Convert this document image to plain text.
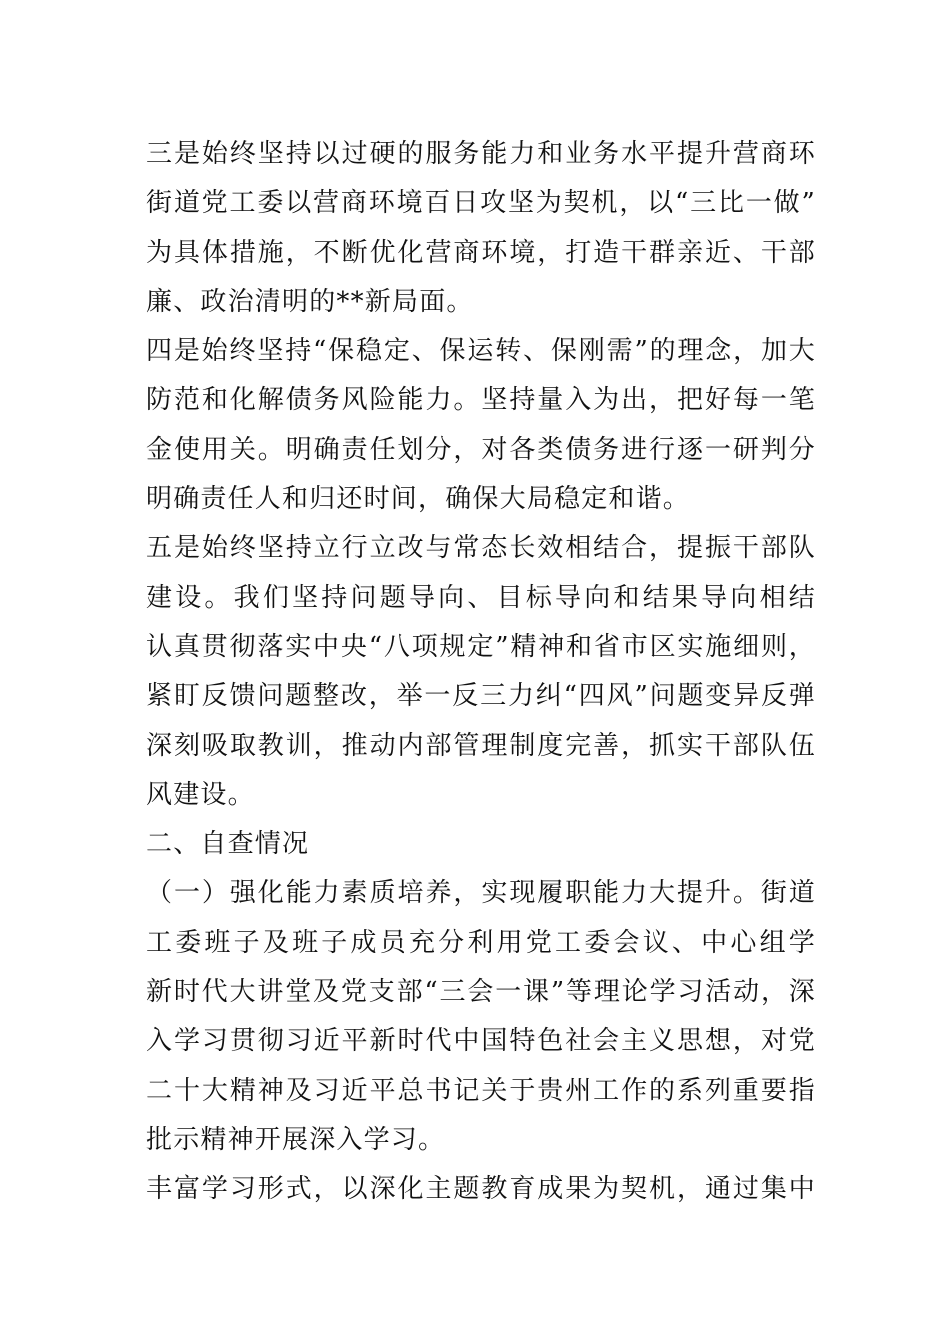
三是始终坚持以过硬的服务能力和业务水平提升营商环
街道党工委以营商环境百日攻坚为契机，以“三比一做”
为具体措施，不断优化营商环境，打造干群亲近、干部
廉、政治清明的**新局面。
四是始终坚持“保稳定、保运转、保刚需”的理念，加大
防范和化解债务风险能力。坚持量入为出，把好每一笔
金使用关。明确责任划分，对各类债务进行逐一研判分
明确责任人和归还时间，确保大局稳定和谐。
五是始终坚持立行立改与常态长效相结合，提振干部队
建设。我们坚持问题导向、目标导向和结果导向相结
认真贯彻落实中央“八项规定”精神和省市区实施细则，
紧盯反馈问题整改，举一反三力纠“四风”问题变异反弹
深刻吸取教训，推动内部管理制度完善，抓实干部队伍
风建设。
二、自查情况
（一）强化能力素质培养，实现履职能力大提升。街道
工委班子及班子成员充分利用党工委会议、中心组学
新时代大讲堂及党支部“三会一课”等理论学习活动，深
入学习贯彻习近平新时代中国特色社会主义思想，对党
二十大精神及习近平总书记关于贵州工作的系列重要指
批示精神开展深入学习。
丰富学习形式，以深化主题教育成果为契机，通过集中
